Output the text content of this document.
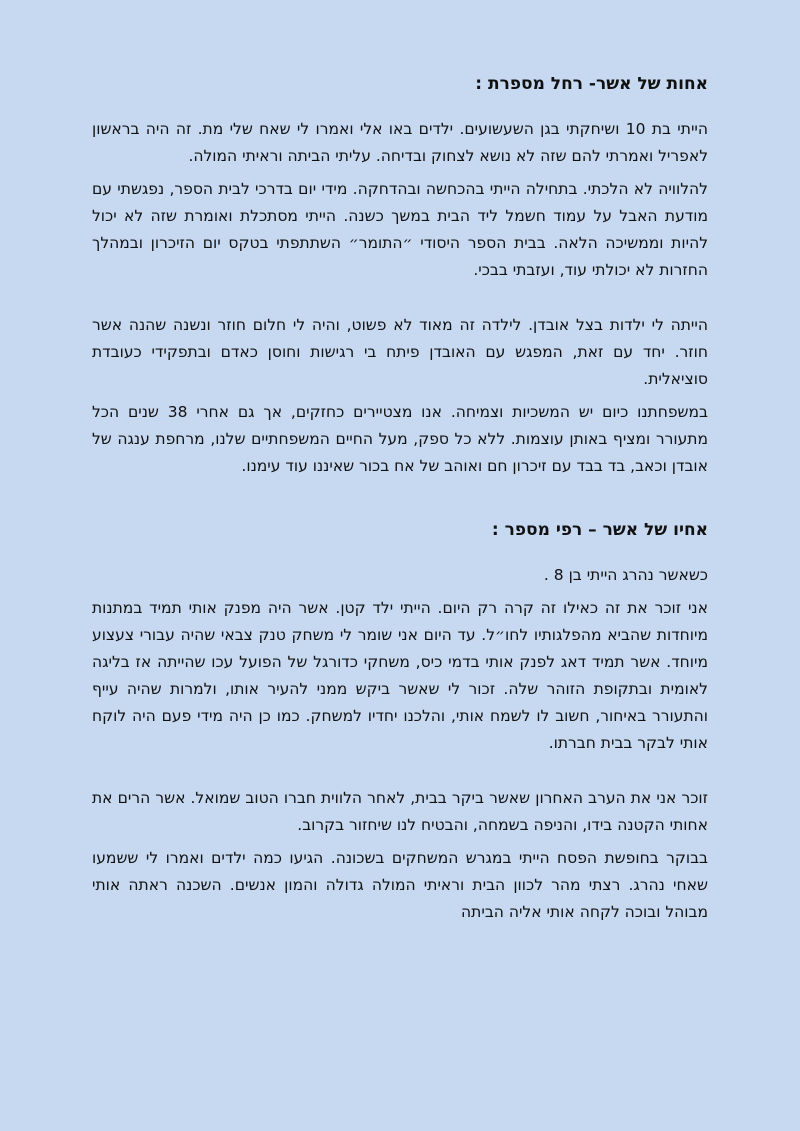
אחות של אשר- רחל מספרת :

הייתי בת 10 ושיחקתי בגן השעשועים. ילדים באו אלי ואמרו לי שאח שלי מת. זה היה בראשון לאפריל ואמרתי להם שזה לא נושא לצחוק ובדיחה. עליתי הביתה וראיתי המולה.

להלוויה לא הלכתי. בתחילה הייתי בהכחשה ובהדחקה. מידי יום בדרכי לבית הספר, נפגשתי עם מודעת האבל על עמוד חשמל ליד הבית במשך כשנה. הייתי מסתכלת ואומרת שזה לא יכול להיות וממשיכה הלאה. בבית הספר היסודי ״התומר״ השתתפתי בטקס יום הזיכרון ובמהלך החזרות לא יכולתי עוד, ועזבתי בבכי.

הייתה לי ילדות בצל אובדן. לילדה זה מאוד לא פשוט, והיה לי חלום חוזר ונשנה שהנה אשר חוזר. יחד עם זאת, המפגש עם האובדן פיתח בי רגישות וחוסן כאדם ובתפקידי כעובדת סוציאלית.

במשפחתנו כיום יש המשכיות וצמיחה. אנו מצטיירים כחזקים, אך גם אחרי 38 שנים הכל מתעורר ומציף באותן עוצמות. ללא כל ספק, מעל החיים המשפחתיים שלנו, מרחפת ענגה של אובדן וכאב, בד בבד עם זיכרון חם ואוהב של אח בכור שאיננו עוד עימנו.

אחיו של אשר – רפי מספר :

כשאשר נהרג הייתי בן 8 .

אני זוכר את זה כאילו זה קרה רק היום. הייתי ילד קטן. אשר היה מפנק אותי תמיד במתנות מיוחדות שהביא מהפלגותיו לחו״ל. עד היום אני שומר לי משחק טנק צבאי שהיה עבורי צעצוע מיוחד. אשר תמיד דאג לפנק אותי בדמי כיס, משחקי כדורגל של הפועל עכו שהייתה אז בליגה לאומית ובתקופת הזוהר שלה. זכור לי שאשר ביקש ממני להעיר אותו, ולמרות שהיה עייף והתעורר באיחור, חשוב לו לשמח אותי, והלכנו יחדיו למשחק. כמו כן היה מידי פעם היה לוקח אותי לבקר בבית חברתו.

זוכר אני את הערב האחרון שאשר ביקר בבית, לאחר הלווית חברו הטוב שמואל. אשר הרים את אחותי הקטנה בידו, והניפה בשמחה, והבטיח לנו שיחזור בקרוב.

בבוקר בחופשת הפסח הייתי במגרש המשחקים בשכונה. הגיעו כמה ילדים ואמרו לי ששמעו שאחי נהרג. רצתי מהר לכוון הבית וראיתי המולה גדולה והמון אנשים. השכנה ראתה אותי מבוהל ובוכה לקחה אותי אליה הביתה
